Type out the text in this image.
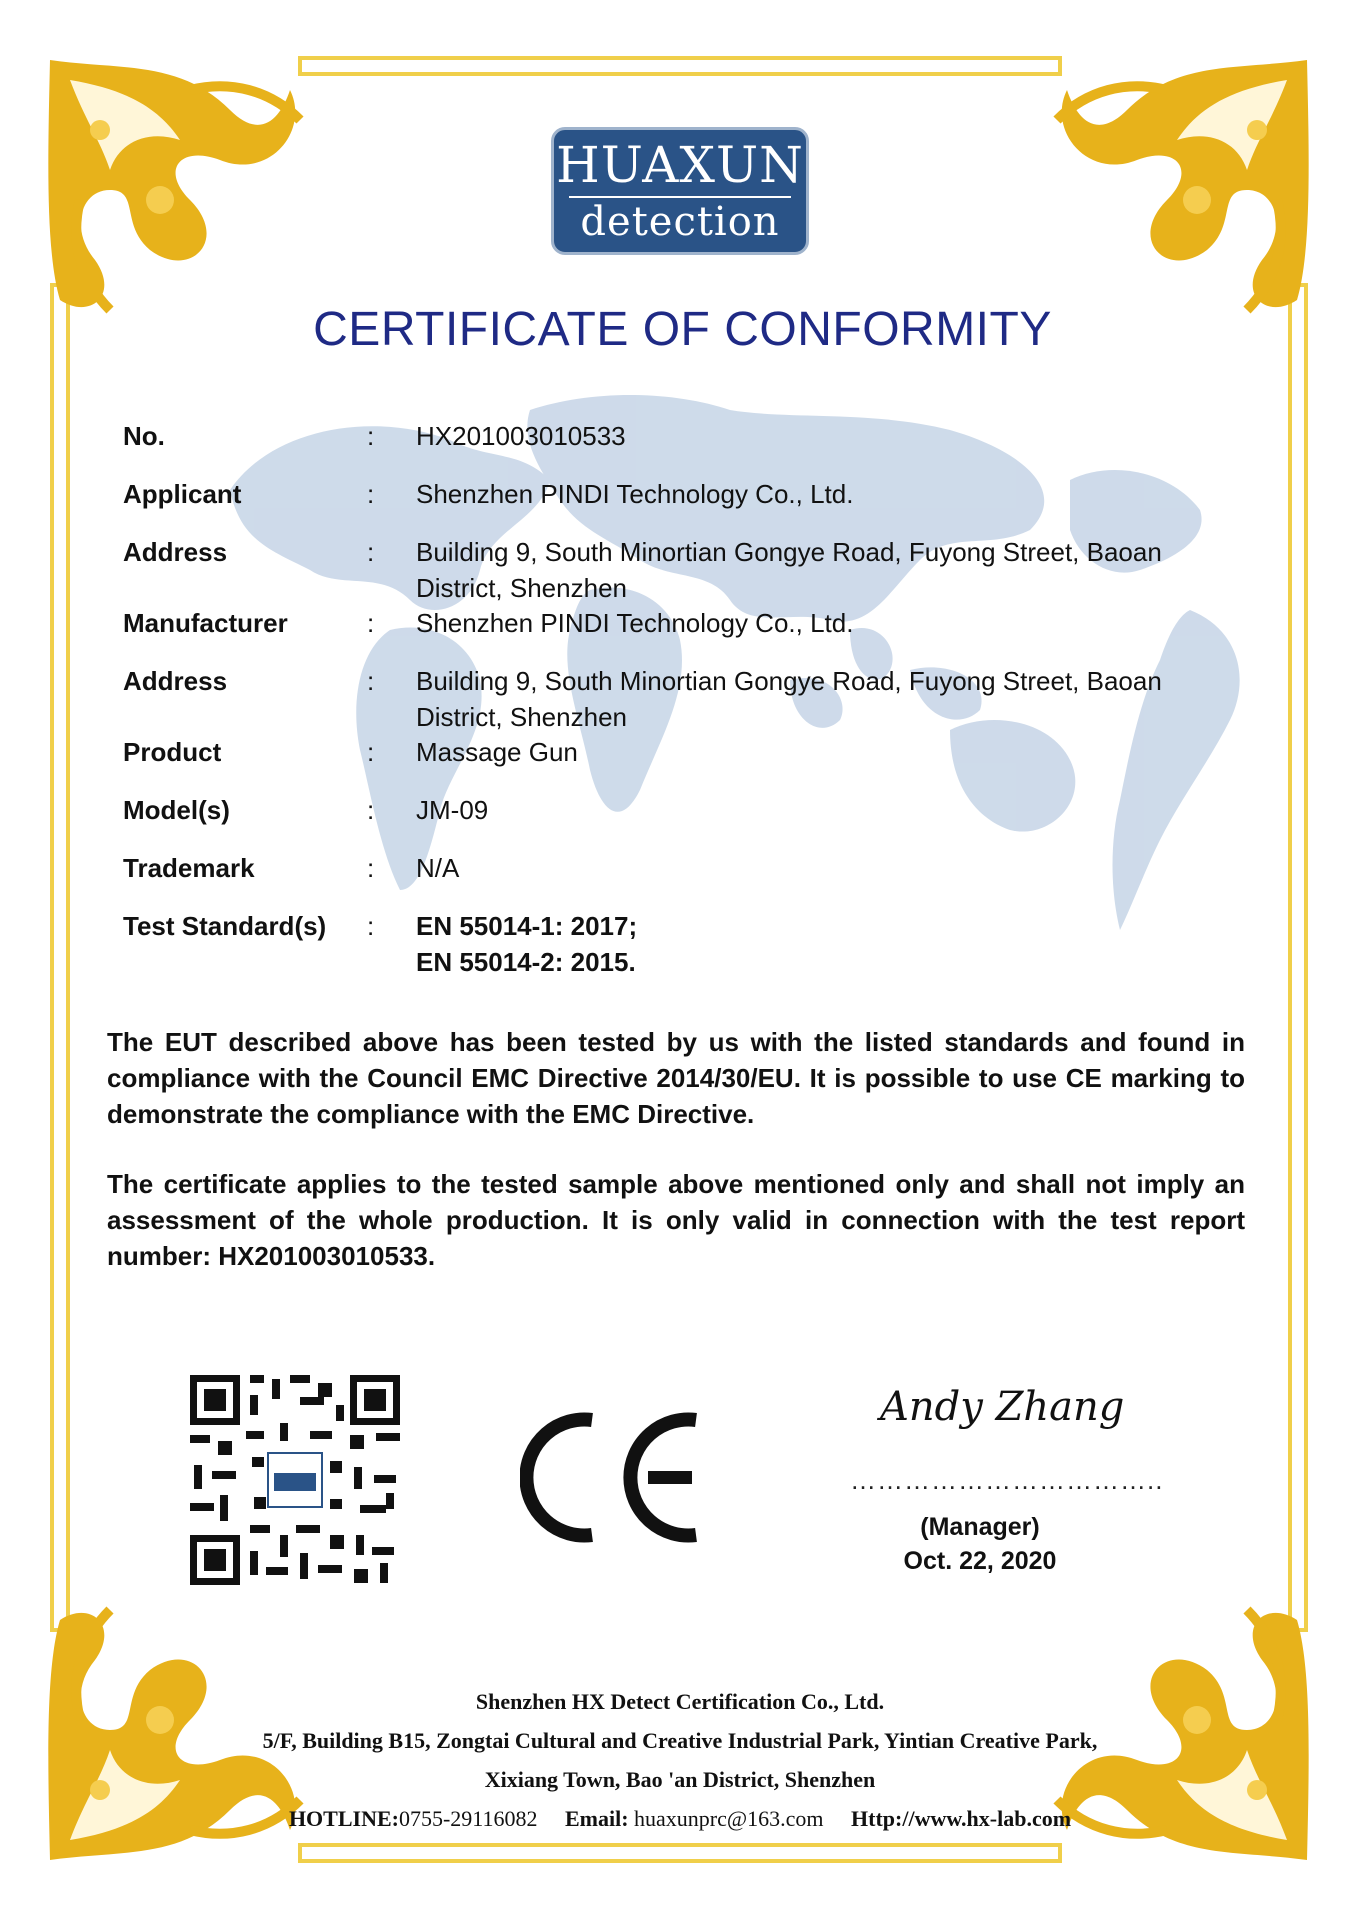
HUAXUN
detection
CERTIFICATE OF CONFORMITY
No.	: HX201003010533
Applicant	: Shenzhen PINDI Technology Co., Ltd.
Address	: Building 9, South Minortian Gongye Road, Fuyong Street, Baoan
District, Shenzhen
Manufacturer	: Shenzhen PINDI Technology Co., Ltd.
Address	: Building 9, South Minortian Gongye Road, Fuyong Street, Baoan
District, Shenzhen
Product	: Massage Gun
Model(s)	: JM-09
Trademark	: N/A
Test Standard(s)	: EN 55014-1: 2017;
EN 55014-2: 2015.
The EUT described above has been tested by us with the listed standards and found in compliance with the Council EMC Directive 2014/30/EU. It is possible to use CE marking to demonstrate the compliance with the EMC Directive.
The certificate applies to the tested sample above mentioned only and shall not imply an assessment of the whole production. It is only valid in connection with the test report number: HX201003010533.
Andy Zhang
……………………………..
(Manager)
Oct. 22, 2020
Shenzhen HX Detect Certification Co., Ltd.
5/F, Building B15, Zongtai Cultural and Creative Industrial Park, Yintian Creative Park,
Xixiang Town, Bao 'an District, Shenzhen
HOTLINE:0755-29116082 Email: huaxunprc@163.com Http://www.hx-lab.com
